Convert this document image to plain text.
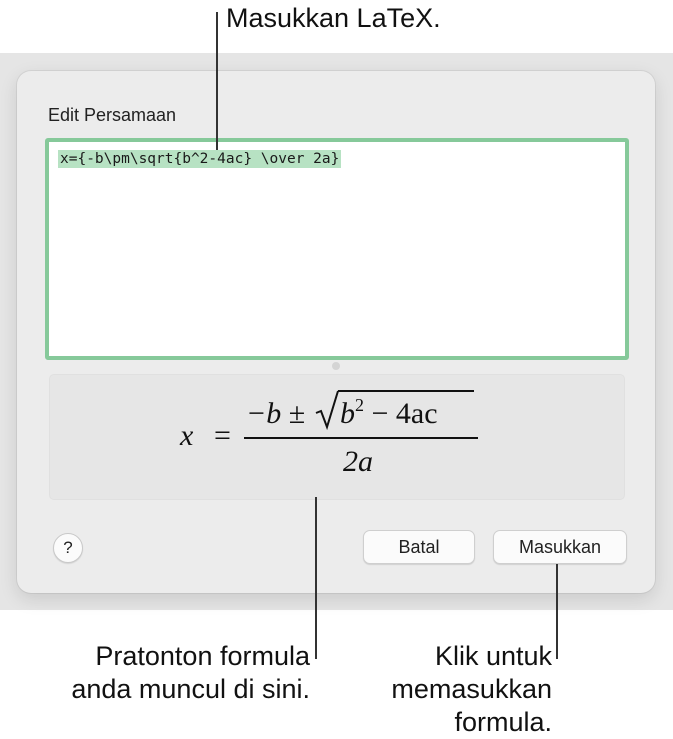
Edit Persamaan
x={-b\pm\sqrt{b^2-4ac} \over 2a}
x =
$-b \pm b^2 - 4ac$
2a
?	Batal	Masukkan
Masukkan LaTeX.
Pratonton formula
anda muncul di sini.
Klik untuk
memasukkan
formula.
